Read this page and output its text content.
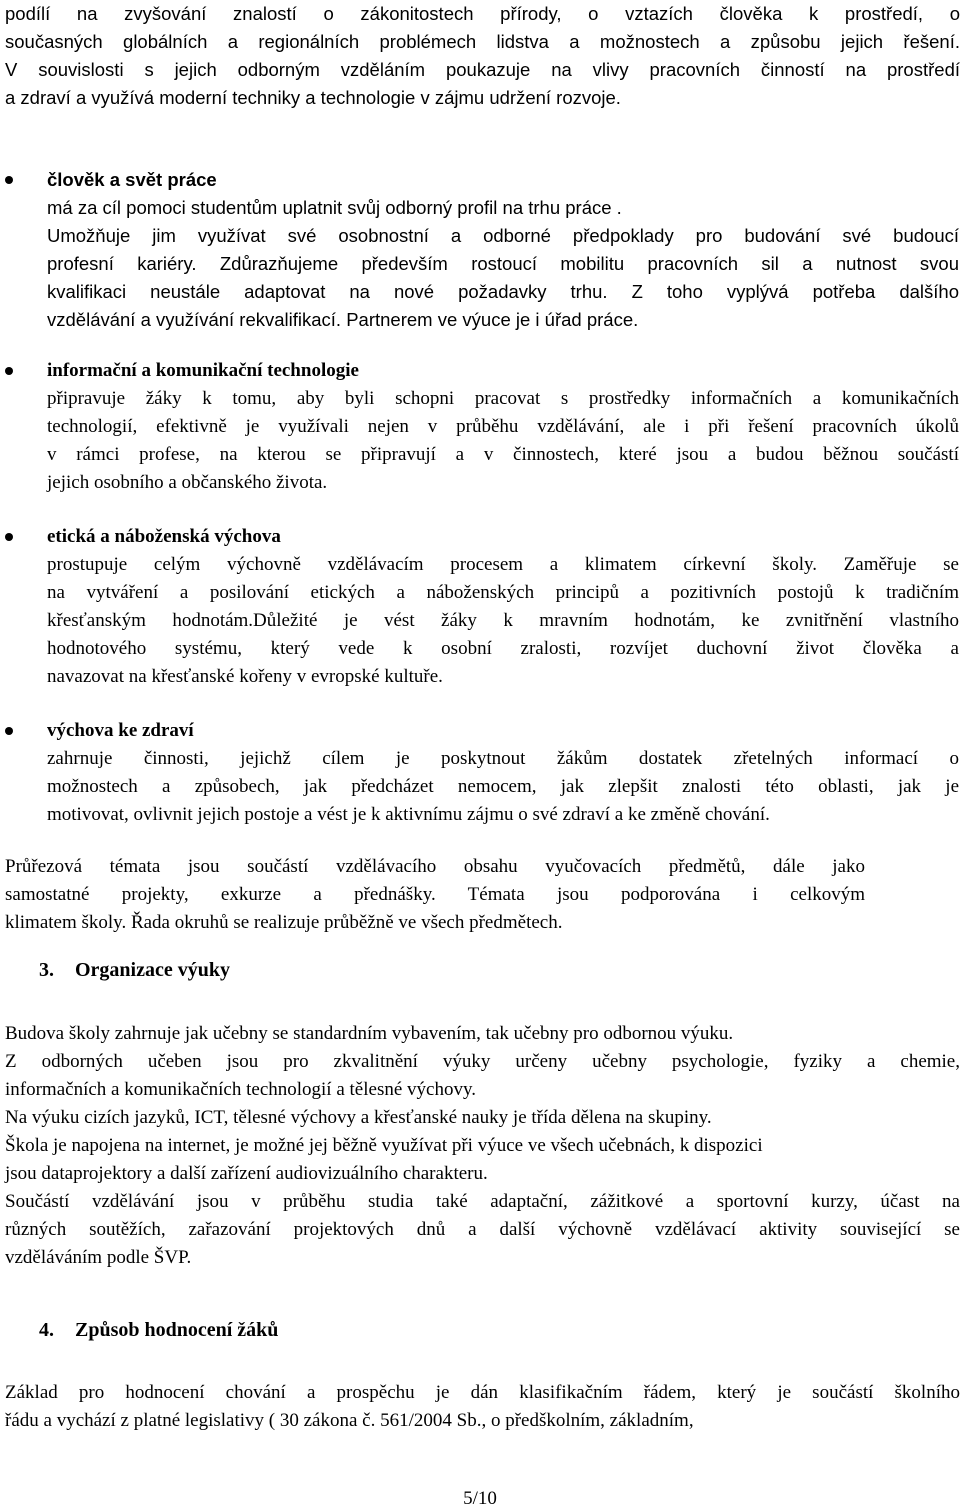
podílí na zvyšování znalostí o zákonitostech přírody, o vztazích člověka k prostředí, o
současných globálních a regionálních problémech lidstva a možnostech a způsobu jejich řešení.
V souvislosti s jejich odborným vzděláním poukazuje na vlivy pracovních činností na prostředí
a zdraví a využívá moderní techniky a technologie v zájmu udržení rozvoje.
člověk a svět práce
má za cíl pomoci studentům uplatnit svůj odborný profil na trhu práce .
Umožňuje jim využívat své osobnostní a odborné předpoklady pro budování své budoucí
profesní kariéry. Zdůrazňujeme především rostoucí mobilitu pracovních sil a nutnost svou
kvalifikaci neustále adaptovat na nové požadavky trhu. Z toho vyplývá potřeba dalšího
vzdělávání a využívání rekvalifikací. Partnerem ve výuce je i úřad práce.
informační a komunikační technologie
připravuje žáky k tomu, aby byli schopni pracovat s prostředky informačních a komunikačních
technologií, efektivně je využívali nejen v průběhu vzdělávání, ale i při řešení pracovních úkolů
v rámci profese, na kterou se připravují a v činnostech, které jsou a budou běžnou součástí
jejich osobního a občanského života.
etická a náboženská výchova
prostupuje celým výchovně vzdělávacím procesem a klimatem církevní školy. Zaměřuje se
na vytváření a posilování etických a náboženských principů a pozitivních postojů k tradičním
křesťanským hodnotám.Důležité je vést žáky k mravním hodnotám, ke zvnitřnění vlastního
hodnotového systému, který vede k osobní zralosti, rozvíjet duchovní život člověka a
navazovat na křesťanské kořeny v evropské kultuře.
výchova ke zdraví
zahrnuje činnosti, jejichž cílem je poskytnout žákům dostatek zřetelných informací o
možnostech a způsobech, jak předcházet nemocem, jak zlepšit znalosti této oblasti, jak je
motivovat, ovlivnit jejich postoje a vést je k aktivnímu zájmu o své zdraví a ke změně chování.
Průřezová témata jsou součástí vzdělávacího obsahu vyučovacích předmětů, dále jako
samostatné projekty, exkurze a přednášky. Témata jsou podporována i celkovým
klimatem školy. Řada okruhů se realizuje průběžně ve všech předmětech.
3. Organizace výuky
Budova školy zahrnuje jak učebny se standardním vybavením, tak učebny pro odbornou výuku.
Z odborných učeben jsou pro zkvalitnění výuky určeny učebny psychologie, fyziky a chemie,
informačních a komunikačních technologií a tělesné výchovy.
Na výuku cizích jazyků, ICT, tělesné výchovy a křesťanské nauky je třída dělena na skupiny.
Škola je napojena na internet, je možné jej běžně využívat při výuce ve všech učebnách, k dispozici
jsou dataprojektory a další zařízení audiovizuálního charakteru.
Součástí vzdělávání jsou v průběhu studia také adaptační, zážitkové a sportovní kurzy, účast na
různých soutěžích, zařazování projektových dnů a další výchovně vzdělávací aktivity související se
vzděláváním podle ŠVP.
4. Způsob hodnocení žáků
Základ pro hodnocení chování a prospěchu je dán klasifikačním řádem, který je součástí školního
řádu a vychází z platné legislativy ( 30 zákona č. 561/2004 Sb., o předškolním, základním,
5/10
